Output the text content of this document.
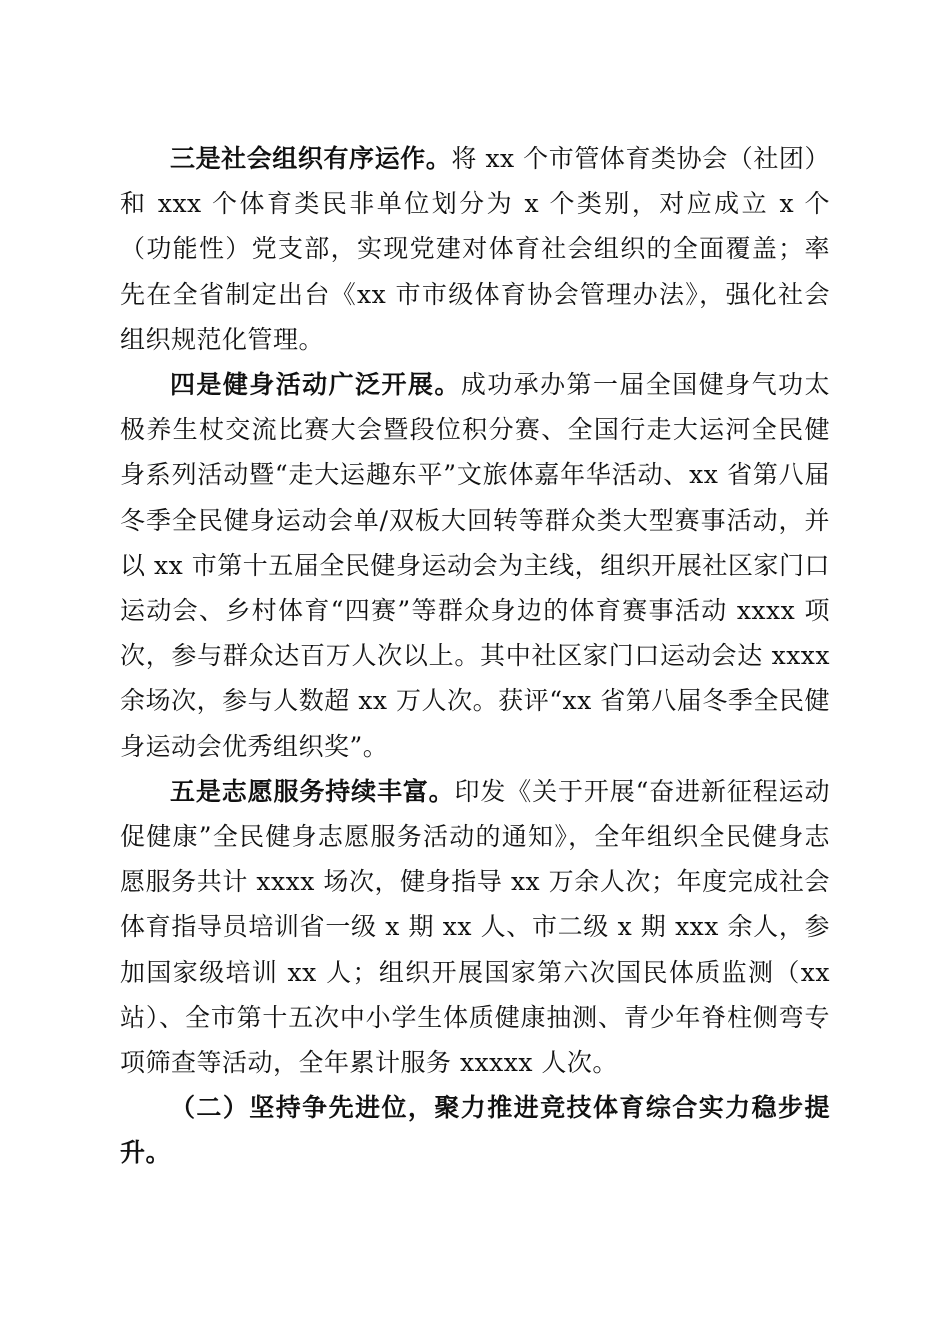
三是社会组织有序运作。将 xx 个市管体育类协会（社团）和 xxx 个体育类民非单位划分为 x 个类别，对应成立 x 个（功能性）党支部，实现党建对体育社会组织的全面覆盖；率先在全省制定出台《xx 市市级体育协会管理办法》，强化社会组织规范化管理。

四是健身活动广泛开展。成功承办第一届全国健身气功太极养生杖交流比赛大会暨段位积分赛、全国行走大运河全民健身系列活动暨“走大运趣东平”文旅体嘉年华活动、xx 省第八届冬季全民健身运动会单/双板大回转等群众类大型赛事活动，并以 xx 市第十五届全民健身运动会为主线，组织开展社区家门口运动会、乡村体育“四赛”等群众身边的体育赛事活动 xxxx 项次，参与群众达百万人次以上。其中社区家门口运动会达 xxxx 余场次，参与人数超 xx 万人次。获评“xx 省第八届冬季全民健身运动会优秀组织奖”。

五是志愿服务持续丰富。印发《关于开展“奋进新征程运动促健康”全民健身志愿服务活动的通知》，全年组织全民健身志愿服务共计 xxxx 场次，健身指导 xx 万余人次；年度完成社会体育指导员培训省一级 x 期 xx 人、市二级 x 期 xxx 余人，参加国家级培训 xx 人；组织开展国家第六次国民体质监测（xx 站）、全市第十五次中小学生体质健康抽测、青少年脊柱侧弯专项筛查等活动，全年累计服务 xxxxx 人次。

（二）坚持争先进位，聚力推进竞技体育综合实力稳步提升。
